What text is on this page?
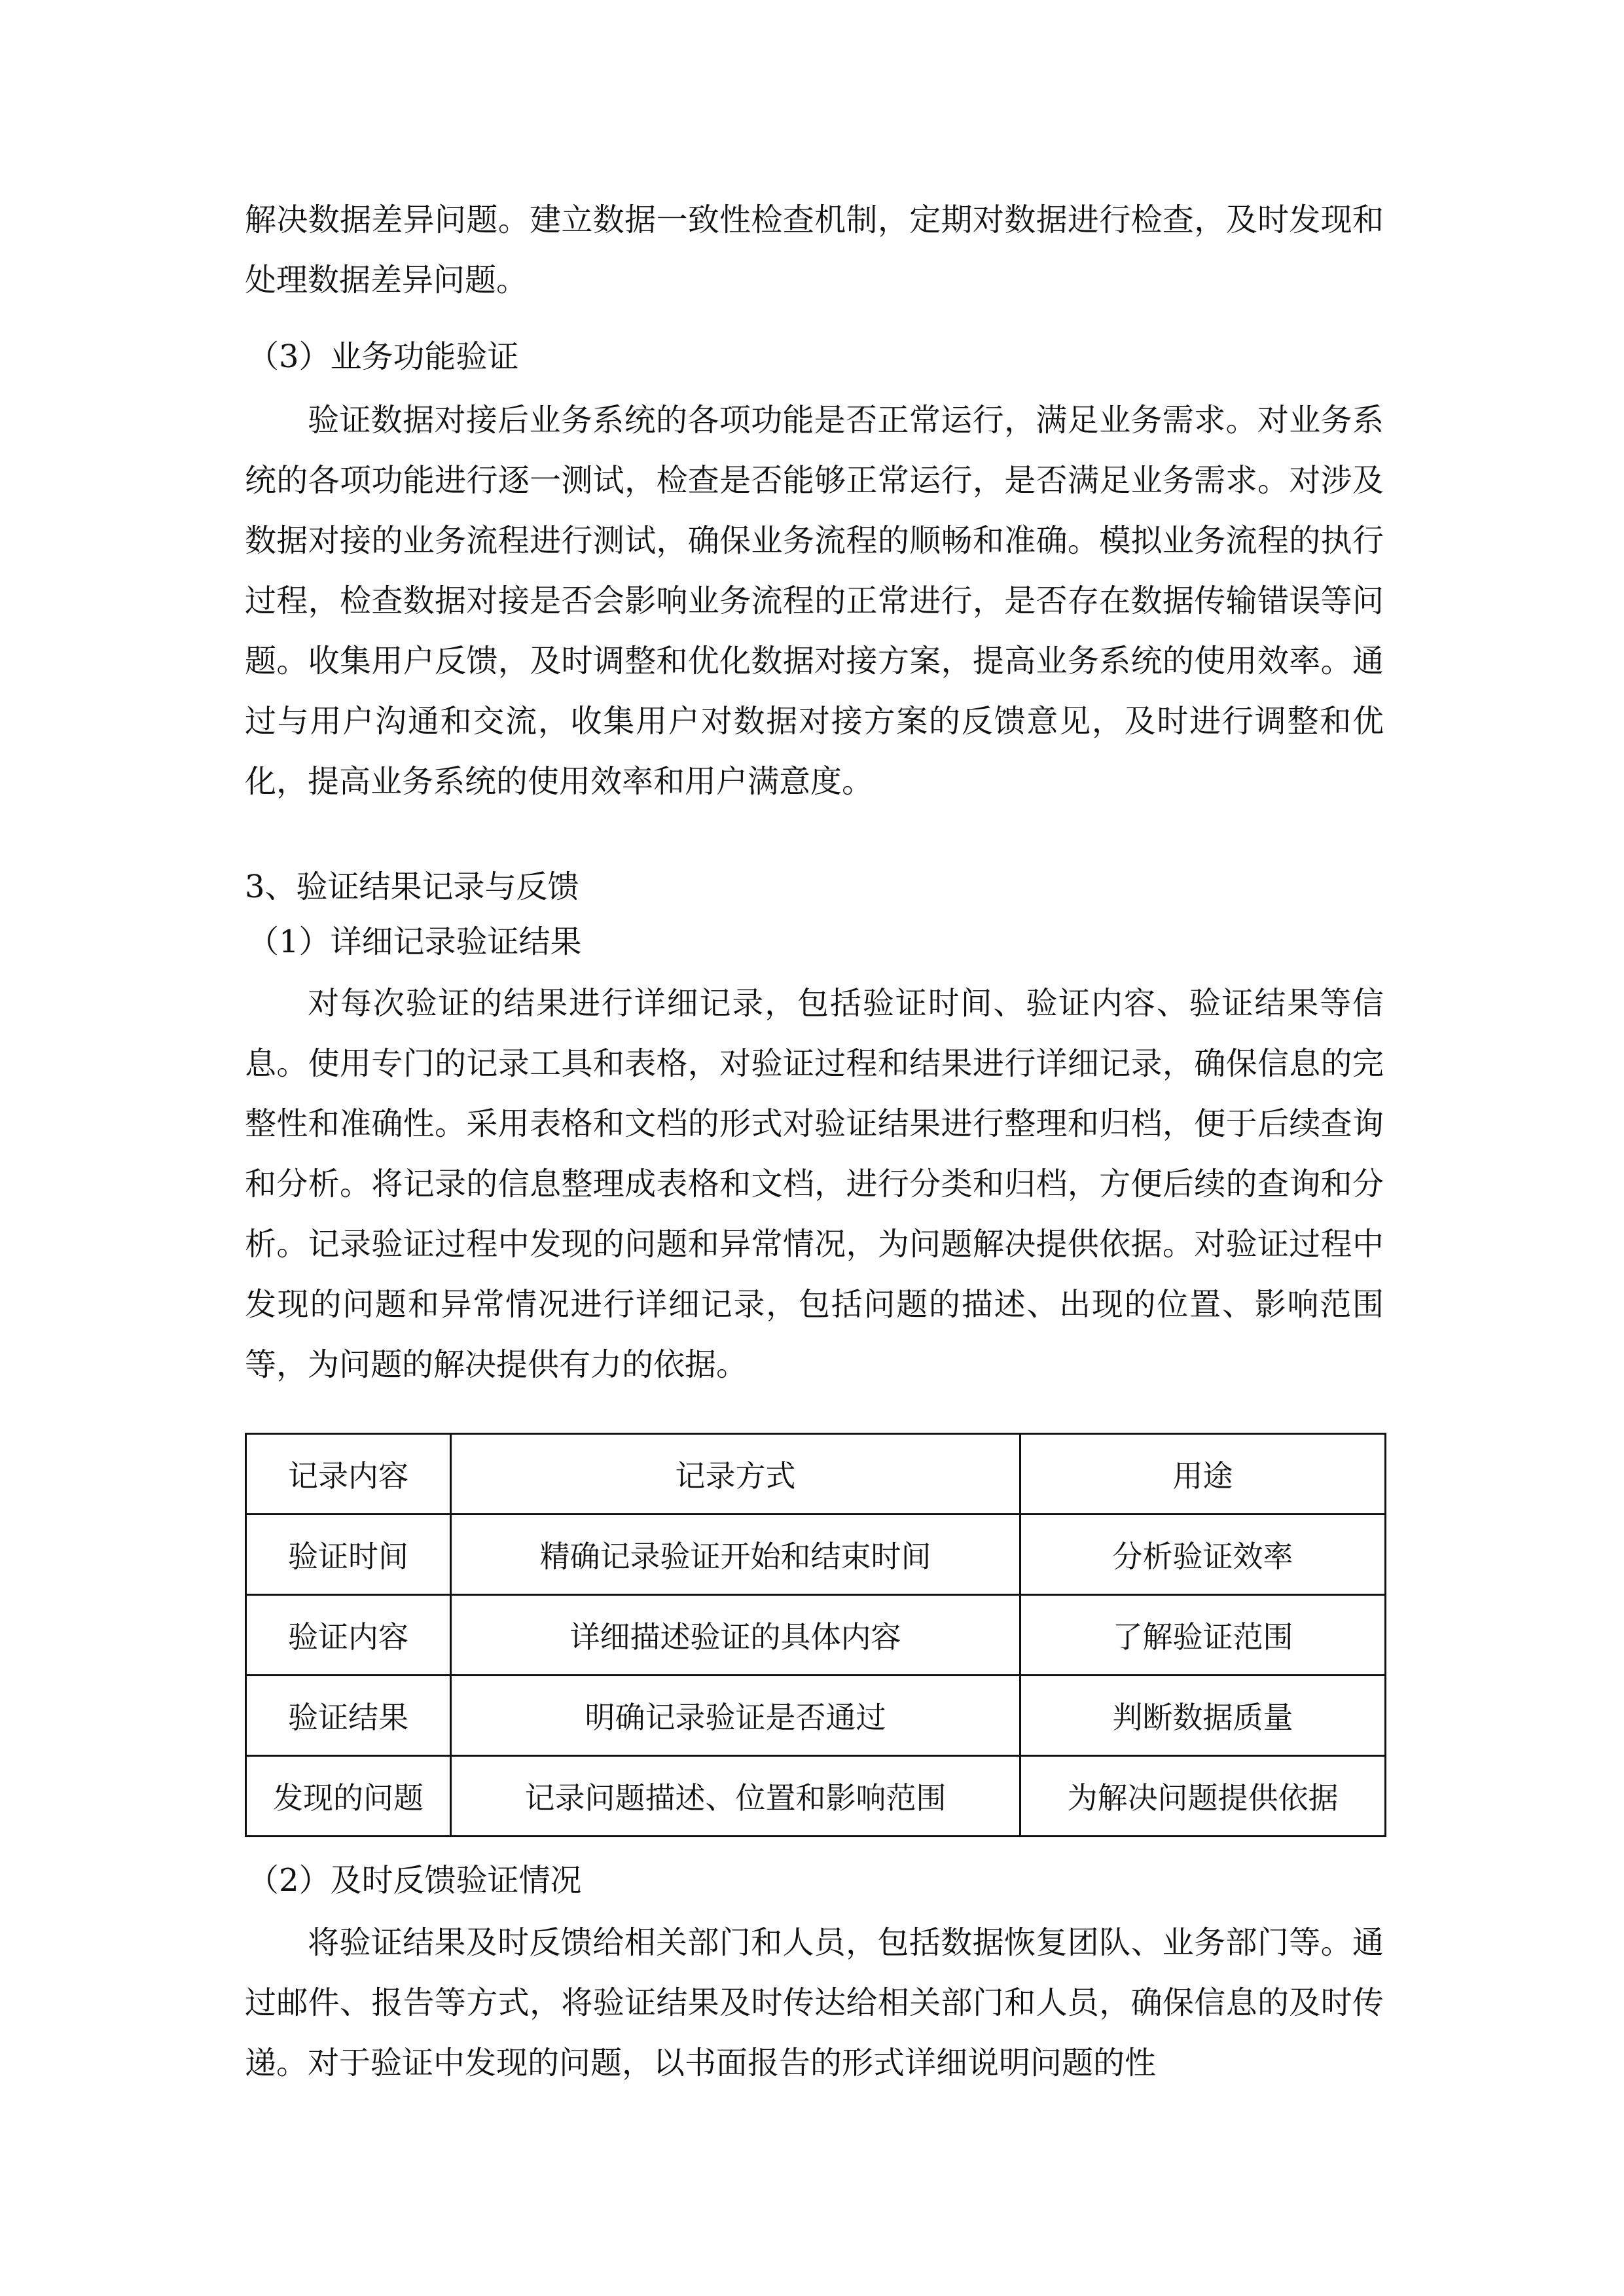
解决数据差异问题。建立数据一致性检查机制，定期对数据进行检查，及时发现和处理数据差异问题。

（3）业务功能验证

验证数据对接后业务系统的各项功能是否正常运行，满足业务需求。对业务系统的各项功能进行逐一测试，检查是否能够正常运行，是否满足业务需求。对涉及数据对接的业务流程进行测试，确保业务流程的顺畅和准确。模拟业务流程的执行过程，检查数据对接是否会影响业务流程的正常进行，是否存在数据传输错误等问题。收集用户反馈，及时调整和优化数据对接方案，提高业务系统的使用效率。通过与用户沟通和交流，收集用户对数据对接方案的反馈意见，及时进行调整和优化，提高业务系统的使用效率和用户满意度。

3、验证结果记录与反馈

（1）详细记录验证结果

对每次验证的结果进行详细记录，包括验证时间、验证内容、验证结果等信息。使用专门的记录工具和表格，对验证过程和结果进行详细记录，确保信息的完整性和准确性。采用表格和文档的形式对验证结果进行整理和归档，便于后续查询和分析。将记录的信息整理成表格和文档，进行分类和归档，方便后续的查询和分析。记录验证过程中发现的问题和异常情况，为问题解决提供依据。对验证过程中发现的问题和异常情况进行详细记录，包括问题的描述、出现的位置、影响范围等，为问题的解决提供有力的依据。

记录内容	记录方式	用途
验证时间	精确记录验证开始和结束时间	分析验证效率
验证内容	详细描述验证的具体内容	了解验证范围
验证结果	明确记录验证是否通过	判断数据质量
发现的问题	记录问题描述、位置和影响范围	为解决问题提供依据

（2）及时反馈验证情况

将验证结果及时反馈给相关部门和人员，包括数据恢复团队、业务部门等。通过邮件、报告等方式，将验证结果及时传达给相关部门和人员，确保信息的及时传递。对于验证中发现的问题，以书面报告的形式详细说明问题的性
